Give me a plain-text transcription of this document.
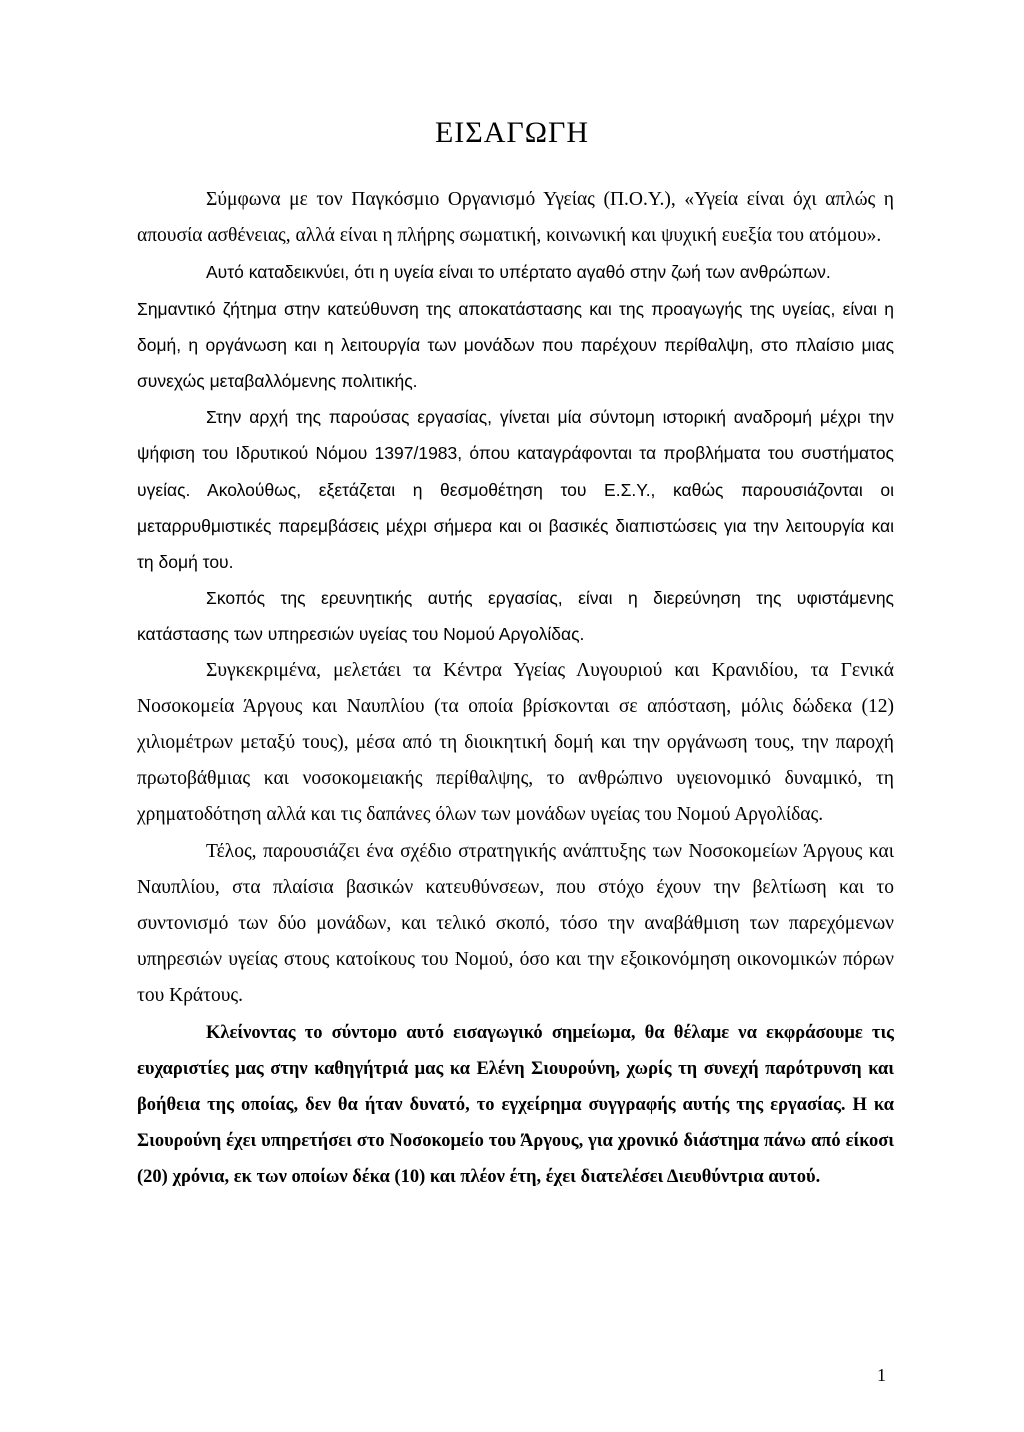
ΕΙΣΑΓΩΓΗ

Σύμφωνα με τον Παγκόσμιο Οργανισμό Υγείας (Π.Ο.Υ.), «Υγεία είναι όχι απλώς η απουσία ασθένειας, αλλά είναι η πλήρης σωματική, κοινωνική και ψυχική ευεξία του ατόμου».

Αυτό καταδεικνύει, ότι η υγεία είναι το υπέρτατο αγαθό στην ζωή των ανθρώπων.

Σημαντικό ζήτημα στην κατεύθυνση της αποκατάστασης και της προαγωγής της υγείας, είναι η δομή, η οργάνωση και η λειτουργία των μονάδων που παρέχουν περίθαλψη, στο πλαίσιο μιας συνεχώς μεταβαλλόμενης πολιτικής.

Στην αρχή της παρούσας εργασίας, γίνεται μία σύντομη ιστορική αναδρομή μέχρι την ψήφιση του Ιδρυτικού Νόμου 1397/1983, όπου καταγράφονται τα προβλήματα του συστήματος υγείας. Ακολούθως, εξετάζεται η θεσμοθέτηση του Ε.Σ.Υ., καθώς παρουσιάζονται οι μεταρρυθμιστικές παρεμβάσεις μέχρι σήμερα και οι βασικές διαπιστώσεις για την λειτουργία και τη δομή του.

Σκοπός της ερευνητικής αυτής εργασίας, είναι η διερεύνηση της υφιστάμενης κατάστασης των υπηρεσιών υγείας του Νομού Αργολίδας.

Συγκεκριμένα, μελετάει τα Κέντρα Υγείας Λυγουριού και Κρανιδίου, τα Γενικά Νοσοκομεία Άργους και Ναυπλίου (τα οποία βρίσκονται σε απόσταση, μόλις δώδεκα (12) χιλιομέτρων μεταξύ τους), μέσα από τη διοικητική δομή και την οργάνωση τους, την παροχή πρωτοβάθμιας και νοσοκομειακής περίθαλψης, το ανθρώπινο υγειονομικό δυναμικό, τη χρηματοδότηση αλλά και τις δαπάνες όλων των μονάδων υγείας του Νομού Αργολίδας.

Τέλος, παρουσιάζει ένα σχέδιο στρατηγικής ανάπτυξης των Νοσοκομείων Άργους και Ναυπλίου, στα πλαίσια βασικών κατευθύνσεων, που στόχο έχουν την βελτίωση και το συντονισμό των δύο μονάδων, και τελικό σκοπό, τόσο την αναβάθμιση των παρεχόμενων υπηρεσιών υγείας στους κατοίκους του Νομού, όσο και την εξοικονόμηση οικονομικών πόρων του Κράτους.

Κλείνοντας το σύντομο αυτό εισαγωγικό σημείωμα, θα θέλαμε να εκφράσουμε τις ευχαριστίες μας στην καθηγήτριά μας κα Ελένη Σιουρούνη, χωρίς τη συνεχή παρότρυνση και βοήθεια της οποίας, δεν θα ήταν δυνατό, το εγχείρημα συγγραφής αυτής της εργασίας. Η κα Σιουρούνη έχει υπηρετήσει στο Νοσοκομείο του Άργους, για χρονικό διάστημα πάνω από είκοσι (20) χρόνια, εκ των οποίων δέκα (10) και πλέον έτη, έχει διατελέσει Διευθύντρια αυτού.

1
